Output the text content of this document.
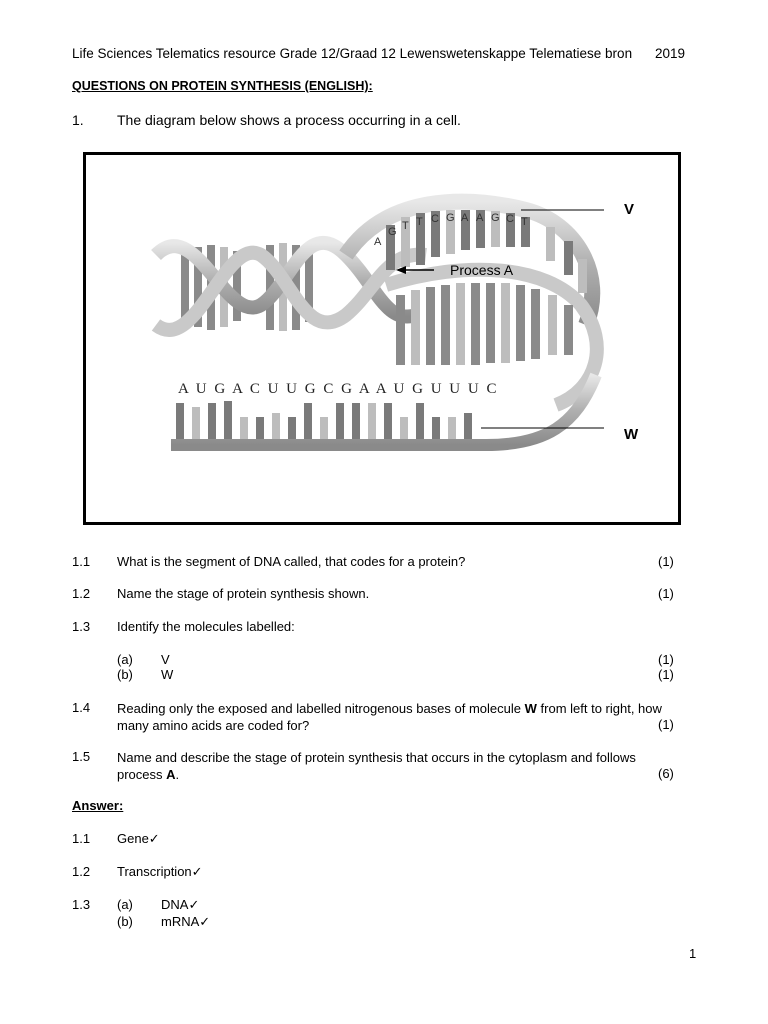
Life Sciences Telematics resource Grade 12/Graad 12 Lewenswetenskappe Telematiese bron 2019
QUESTIONS ON PROTEIN SYNTHESIS (ENGLISH):
1. The diagram below shows a process occurring in a cell.
A
G T T C G A A G C T
Process A
A U G A C U U G C G A A U G U U U C
V
W
1.1 What is the segment of DNA called, that codes for a protein?	(1)
1.2 Name the stage of protein synthesis shown.	(1)
1.3 Identify the molecules labelled:
(a) V	(1)
(b) W	(1)
1.4 Reading only the exposed and labelled nitrogenous bases of molecule W from left to right, how many amino acids are coded for?	(1)
1.5 Name and describe the stage of protein synthesis that occurs in the cytoplasm and follows process A.	(6)
Answer:
1.1 Gene✓
1.2 Transcription✓
1.3 (a) DNA✓
(b) mRNA✓
1
